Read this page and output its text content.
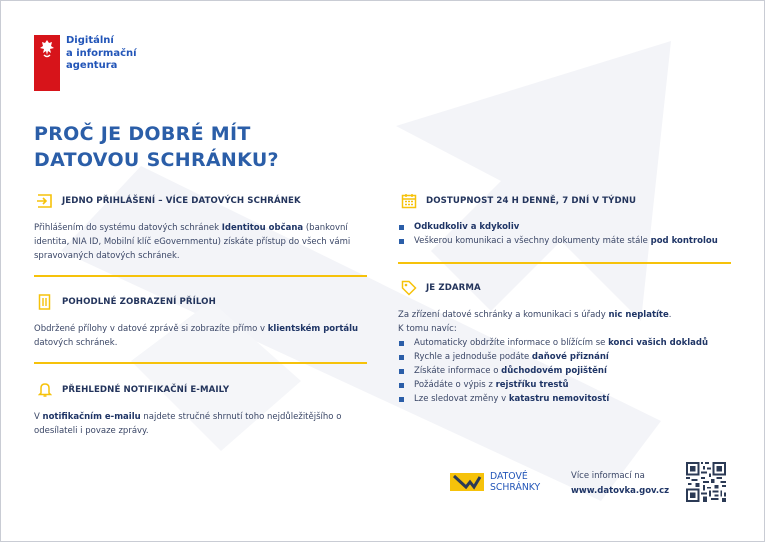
Digitální
a informační
agentura
PROČ JE DOBRÉ MÍT
DATOVOU SCHRÁNKU?
JEDNO PŘIHLÁŠENÍ – VÍCE DATOVÝCH SCHRÁNEK
Přihlášením do systému datových schránek Identitou občana (bankovní identita, NIA ID, Mobilní klíč eGovernmentu) získáte přístup do všech vámi spravovaných datových schránek.
POHODLNÉ ZOBRAZENÍ PŘÍLOH
Obdržené přílohy v datové zprávě si zobrazíte přímo v klientském portálu datových schránek.
PŘEHLEDNÉ NOTIFIKAČNÍ E-MAILY
V notifikačním e-mailu najdete stručné shrnutí toho nejdůležitějšího o odesílateli i povaze zprávy.
DOSTUPNOST 24 H DENNĚ, 7 DNÍ V TÝDNU
Odkudkoliv a kdykoliv
Veškerou komunikaci a všechny dokumenty máte stále pod kontrolou
JE ZDARMA
Za zřízení datové schránky a komunikaci s úřady nic neplatíte.
K tomu navíc:
Automaticky obdržíte informace o blížícím se konci vašich dokladů
Rychle a jednoduše podáte daňové přiznání
Získáte informace o důchodovém pojištění
Požádáte o výpis z rejstříku trestů
Lze sledovat změny v katastru nemovitostí
DATOVÉ
SCHRÁNKY
Více informací na
www.datovka.gov.cz
